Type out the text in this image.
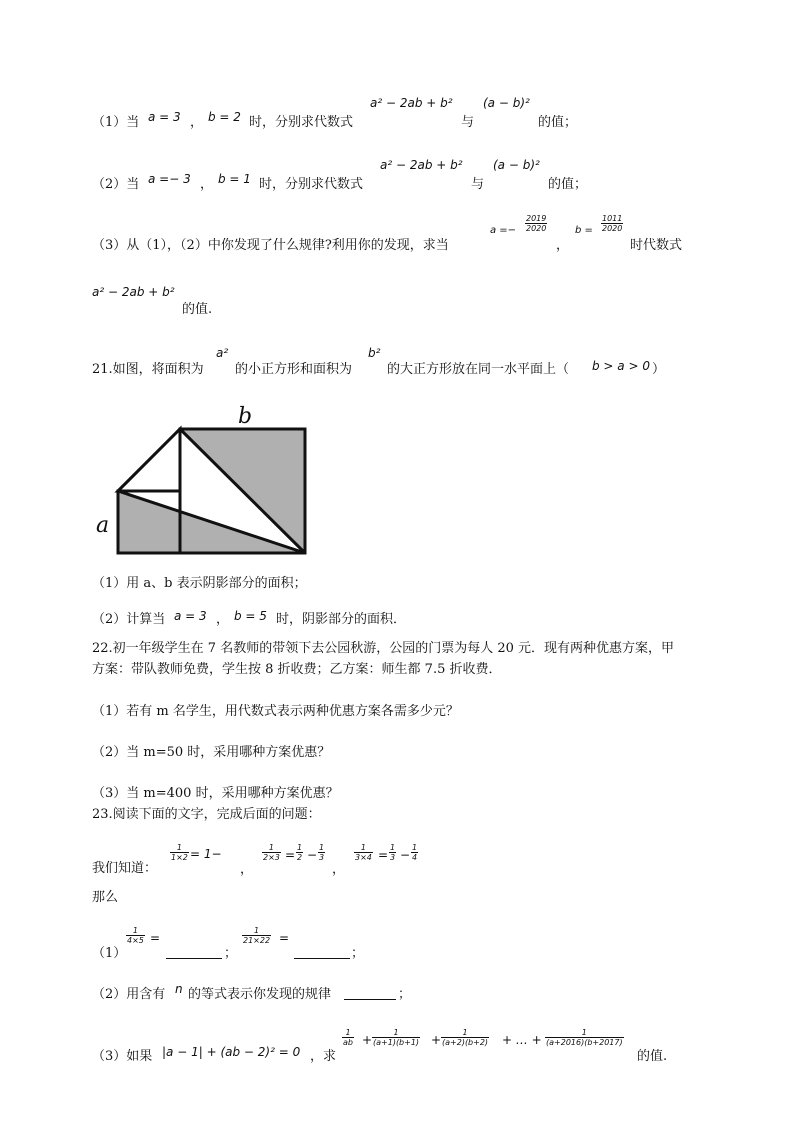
（1）当 a = 3 ， b = 2 时，分别求代数式
a² − 2ab + b²
与
(a − b)²
的值；
（2）当 a =− 3 ， b = 1 时，分别求代数式
a² − 2ab + b²
与
(a − b)²
的值；
（3）从（1），（2）中你发现了什么规律?利用你的发现，求当
$a =- \frac{2019}{2020}$
，
$b = \frac{1011}{2020}$
时代数式
a² − 2ab + b²
的值.
21.如图，将面积为
a²
的小正方形和面积为
b²
的大正方形放在同一水平面上（ b > a > 0 ）
b
a
（1）用 a、b 表示阴影部分的面积；
（2）计算当 a = 3 ， b = 5 时，阴影部分的面积．
22.初一年级学生在 7 名教师的带领下去公园秋游，公园的门票为每人 20 元．现有两种优惠方案，甲
方案：带队教师免费，学生按 8 折收费；乙方案：师生都 7.5 折收费．
（1）若有 m 名学生，用代数式表示两种优惠方案各需多少元？
（2）当 m=50 时，采用哪种方案优惠？
（3）当 m=400 时，采用哪种方案优惠？
23.阅读下面的文字，完成后面的问题：
我们知道：
$\frac{1}{1\times 2} = 1-$
，
$\frac{1}{2\times 3} = \frac{1}{2} - \frac{1}{3}$
，
$\frac{1}{3\times 4} = \frac{1}{3} - \frac{1}{4}$
那么
（1）
$\frac{1}{4\times 5}$ =
；
$\frac{1}{21\times 22}$ =
；
（2）用含有 n 的等式表示你发现的规律	；
（3）如果 |a − 1| + (ab − 2)² = 0 ，求
$\frac{1}{ab} + \frac{1}{(a+1)(b+1)} + \frac{1}{(a+2)(b+2)}$ + … + $\frac{1}{(a+2016)(b+2017)}$
的值.
